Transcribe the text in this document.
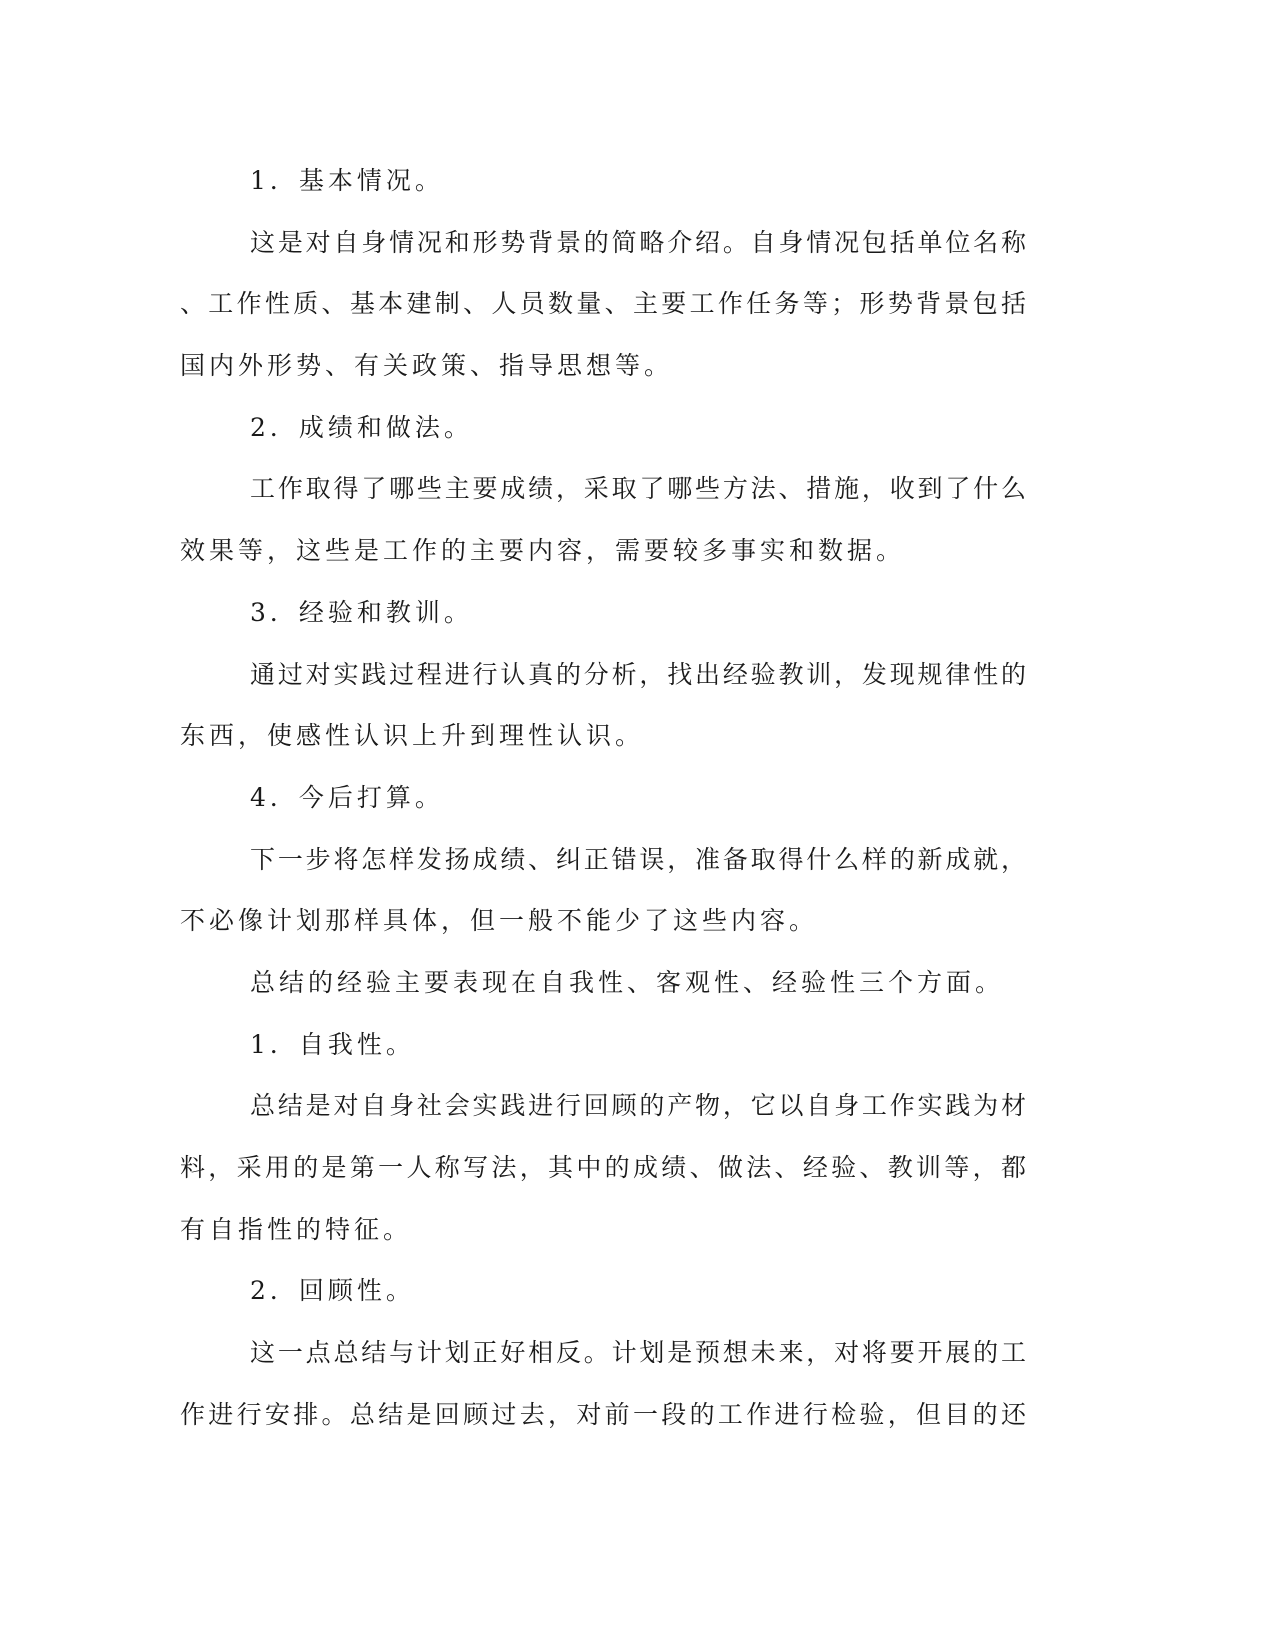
1．基本情况。
这是对自身情况和形势背景的简略介绍。自身情况包括单位名称
、工作性质、基本建制、人员数量、主要工作任务等；形势背景包括
国内外形势、有关政策、指导思想等。
2．成绩和做法。
工作取得了哪些主要成绩，采取了哪些方法、措施，收到了什么
效果等，这些是工作的主要内容，需要较多事实和数据。
3．经验和教训。
通过对实践过程进行认真的分析，找出经验教训，发现规律性的
东西，使感性认识上升到理性认识。
4．今后打算。
下一步将怎样发扬成绩、纠正错误，准备取得什么样的新成就，
不必像计划那样具体，但一般不能少了这些内容。
总结的经验主要表现在自我性、客观性、经验性三个方面。
1．自我性。
总结是对自身社会实践进行回顾的产物，它以自身工作实践为材
料，采用的是第一人称写法，其中的成绩、做法、经验、教训等，都
有自指性的特征。
2．回顾性。
这一点总结与计划正好相反。计划是预想未来，对将要开展的工
作进行安排。总结是回顾过去，对前一段的工作进行检验，但目的还
